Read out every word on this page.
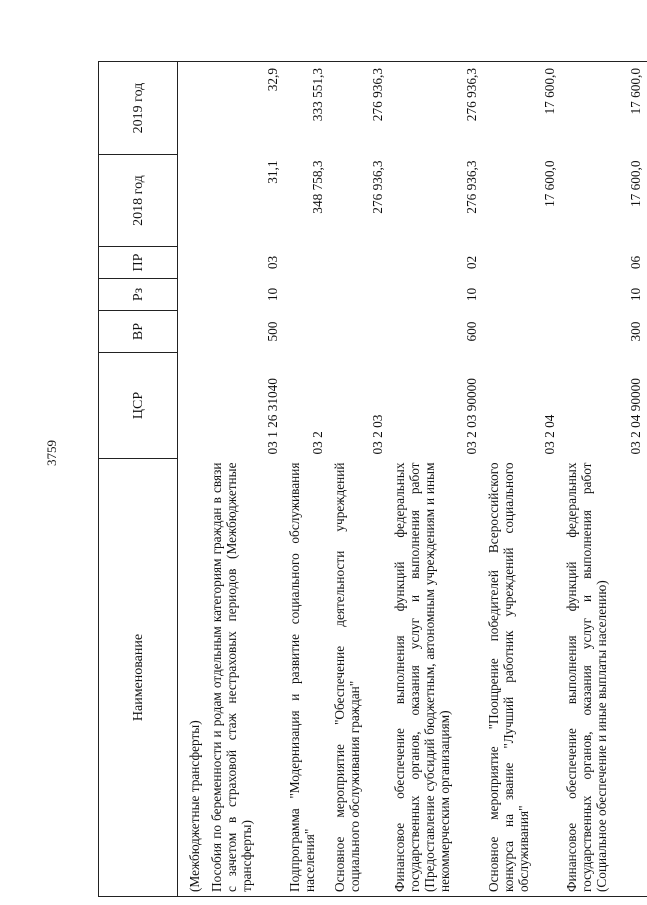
3759
Наименование	ЦСР	ВР	Рз	ПР	2018 год	2019 год
(Межбюджетные трансферты)						
Пособия по беременности и родам отдельным категориям граждан в связи с зачетом в страховой стаж нестраховых периодов (Межбюджетные трансферты)	03 1 26 31040	500	10	03	31,1	32,9
Подпрограмма "Модернизация и развитие социального обслуживания населения"	03 2				348 758,3	333 551,3
Основное мероприятие "Обеспечение деятельности учреждений социального обслуживания граждан"	03 2 03				276 936,3	276 936,3
Финансовое обеспечение выполнения функций федеральных государственных органов, оказания услуг и выполнения работ (Предоставление субсидий бюджетным, автономным учреждениям и иным некоммерческим организациям)	03 2 03 90000	600	10	02	276 936,3	276 936,3
Основное мероприятие "Поощрение победителей Всероссийского конкурса на звание "Лучший работник учреждений социального обслуживания"	03 2 04				17 600,0	17 600,0
Финансовое обеспечение выполнения функций федеральных государственных органов, оказания услуг и выполнения работ (Социальное обеспечение и иные выплаты населению)	03 2 04 90000	300	10	06	17 600,0	17 600,0
